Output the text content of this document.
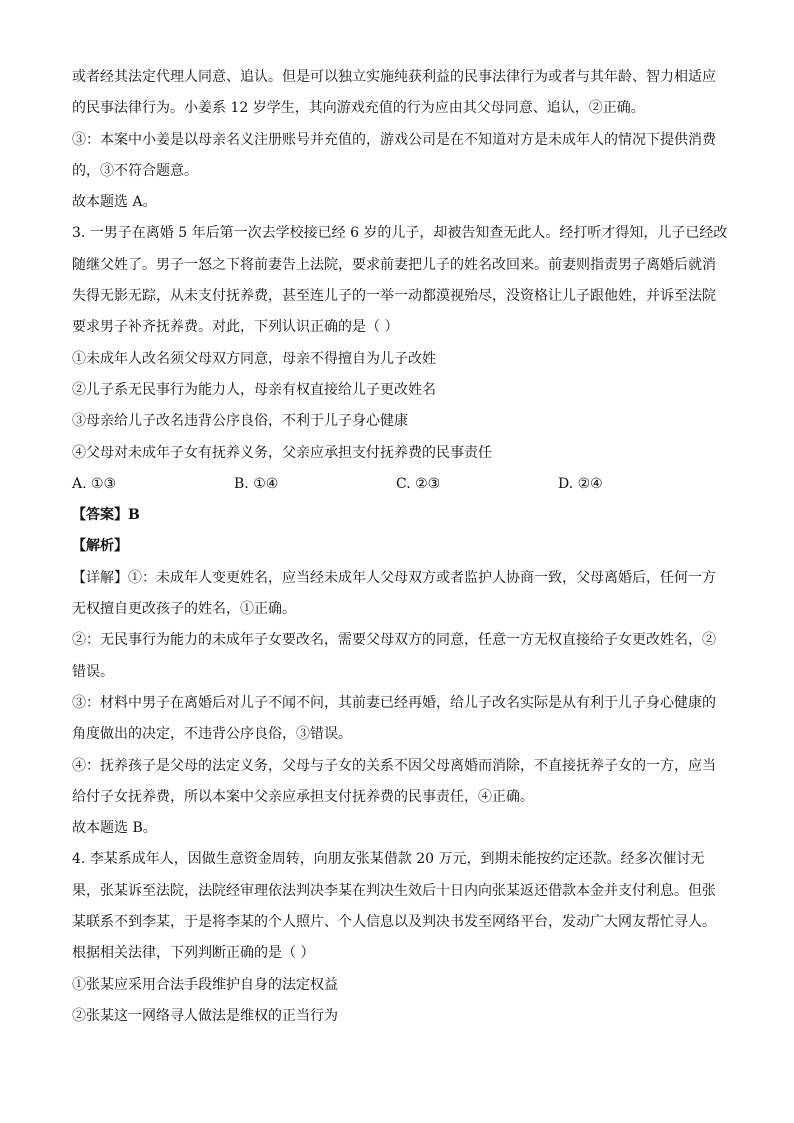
或者经其法定代理人同意、追认。但是可以独立实施纯获利益的民事法律行为或者与其年龄、智力相适应
的民事法律行为。小姜系 12 岁学生，其向游戏充值的行为应由其父母同意、追认，②正确。
③：本案中小姜是以母亲名义注册账号并充值的，游戏公司是在不知道对方是未成年人的情况下提供消费
的，③不符合题意。
故本题选 A。
3. 一男子在离婚 5 年后第一次去学校接已经 6 岁的儿子，却被告知查无此人。经打听才得知，儿子已经改
随继父姓了。男子一怒之下将前妻告上法院，要求前妻把儿子的姓名改回来。前妻则指责男子离婚后就消
失得无影无踪，从未支付抚养费，甚至连儿子的一举一动都漠视殆尽，没资格让儿子跟他姓，并诉至法院
要求男子补齐抚养费。对此，下列认识正确的是（ ）
①未成年人改名须父母双方同意，母亲不得擅自为儿子改姓
②儿子系无民事行为能力人，母亲有权直接给儿子更改姓名
③母亲给儿子改名违背公序良俗，不利于儿子身心健康
④父母对未成年子女有抚养义务，父亲应承担支付抚养费的民事责任
A. ①③	B. ①④	C. ②③	D. ②④
【答案】B
【解析】
【详解】①：未成年人变更姓名，应当经未成年人父母双方或者监护人协商一致，父母离婚后，任何一方
无权擅自更改孩子的姓名，①正确。
②：无民事行为能力的未成年子女要改名，需要父母双方的同意，任意一方无权直接给子女更改姓名，②
错误。
③：材料中男子在离婚后对儿子不闻不问，其前妻已经再婚，给儿子改名实际是从有利于儿子身心健康的
角度做出的决定，不违背公序良俗，③错误。
④：抚养孩子是父母的法定义务，父母与子女的关系不因父母离婚而消除，不直接抚养子女的一方，应当
给付子女抚养费，所以本案中父亲应承担支付抚养费的民事责任，④正确。
故本题选 B。
4. 李某系成年人，因做生意资金周转，向朋友张某借款 20 万元，到期未能按约定还款。经多次催讨无
果，张某诉至法院，法院经审理依法判决李某在判决生效后十日内向张某返还借款本金并支付利息。但张
某联系不到李某，于是将李某的个人照片、个人信息以及判决书发至网络平台，发动广大网友帮忙寻人。
根据相关法律，下列判断正确的是（ ）
①张某应采用合法手段维护自身的法定权益
②张某这一网络寻人做法是维权的正当行为
